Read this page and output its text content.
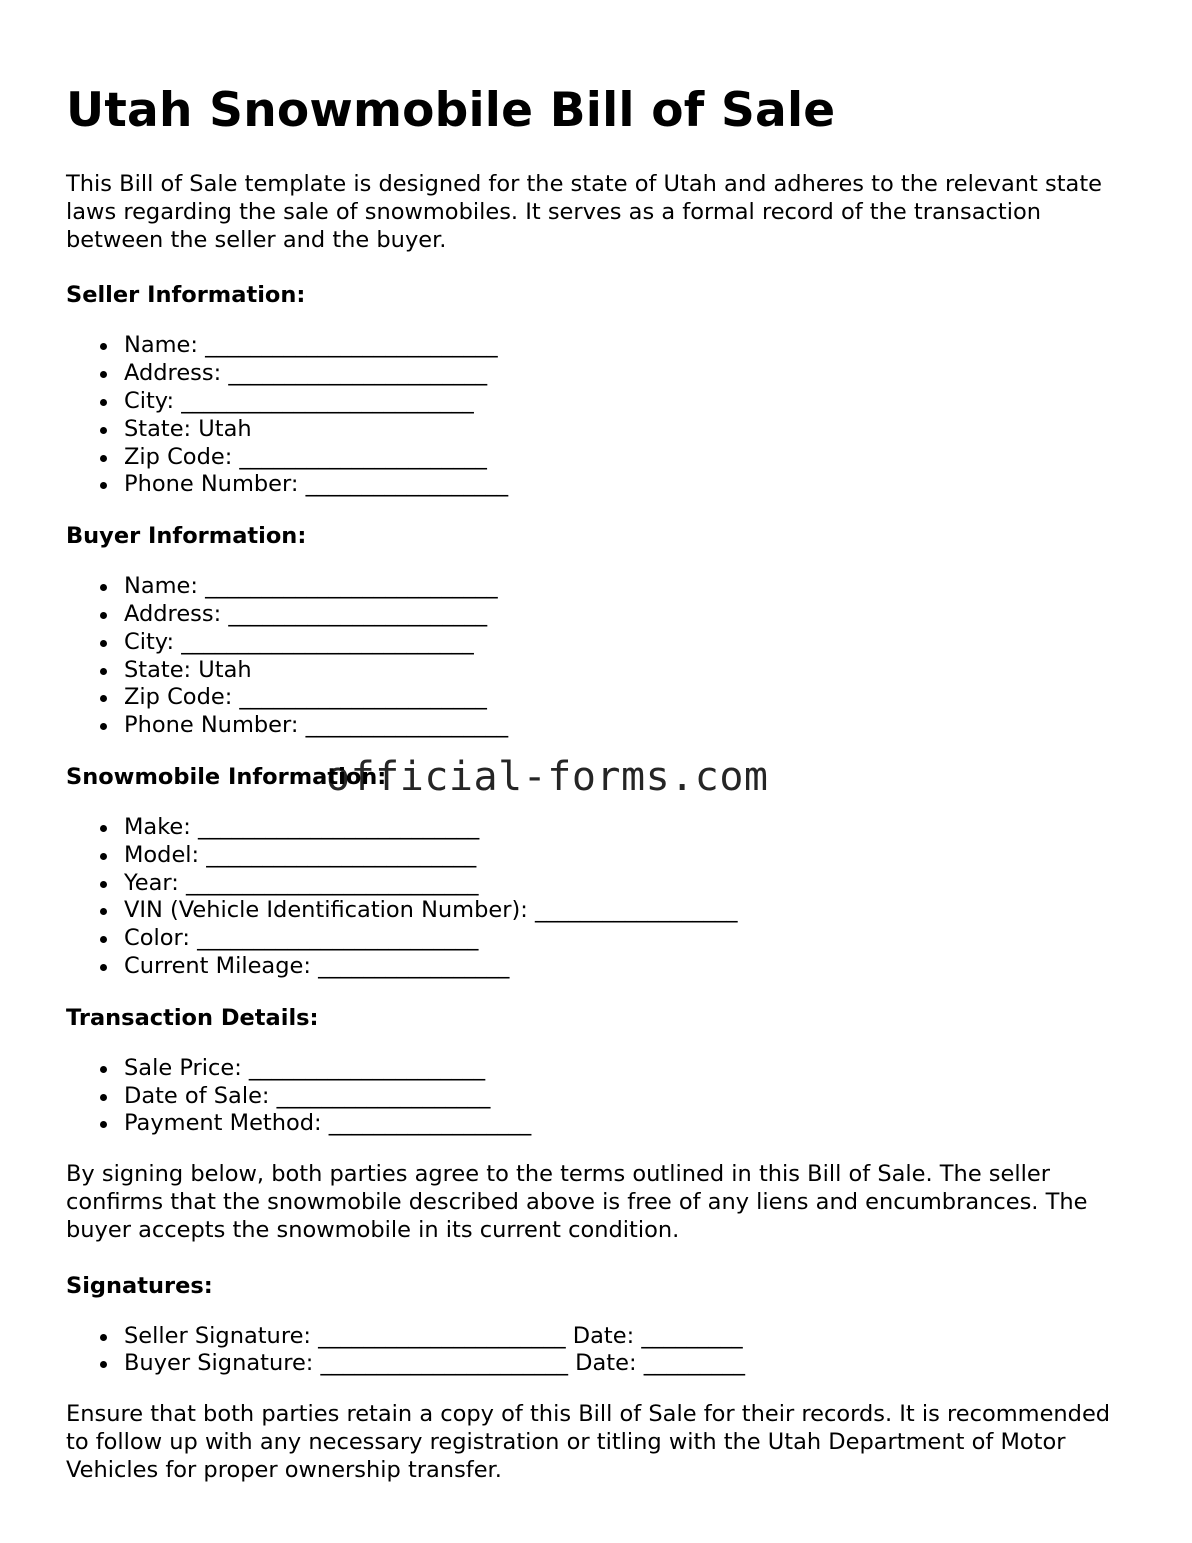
Utah Snowmobile Bill of Sale

This Bill of Sale template is designed for the state of Utah and adheres to the relevant state laws regarding the sale of snowmobiles. It serves as a formal record of the transaction between the seller and the buyer.

Seller Information:
Name: __________________________
Address: _______________________
City: __________________________
State: Utah
Zip Code: ______________________
Phone Number: __________________
Buyer Information:
Name: __________________________
Address: _______________________
City: __________________________
State: Utah
Zip Code: ______________________
Phone Number: __________________
Snowmobile Information:
Make: _________________________
Model: ________________________
Year: __________________________
VIN (Vehicle Identification Number): __________________
Color: _________________________
Current Mileage: _________________
Transaction Details:
Sale Price: _____________________
Date of Sale: ___________________
Payment Method: __________________

By signing below, both parties agree to the terms outlined in this Bill of Sale. The seller confirms that the snowmobile described above is free of any liens and encumbrances. The buyer accepts the snowmobile in its current condition.

Signatures:
Seller Signature: ______________________ Date: _________
Buyer Signature: ______________________ Date: _________

Ensure that both parties retain a copy of this Bill of Sale for their records. It is recommended to follow up with any necessary registration or titling with the Utah Department of Motor Vehicles for proper ownership transfer.

official-forms.com
